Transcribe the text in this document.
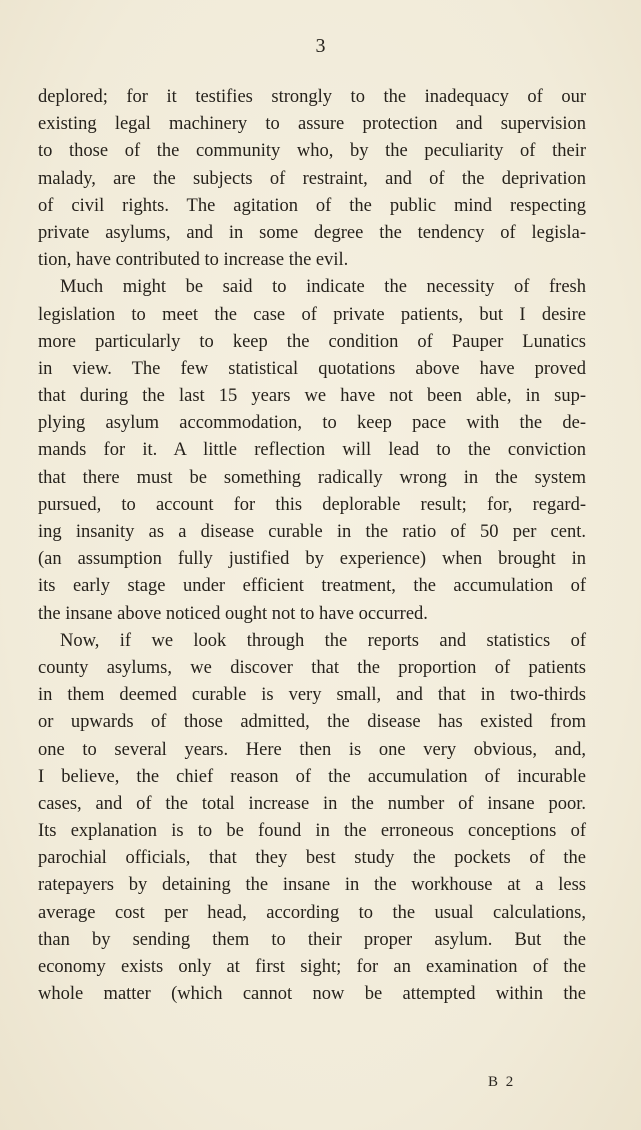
3
deplored; for it testifies strongly to the inadequacy of our
existing legal machinery to assure protection and supervision
to those of the community who, by the peculiarity of their
malady, are the subjects of restraint, and of the deprivation
of civil rights. The agitation of the public mind respecting
private asylums, and in some degree the tendency of legisla-
tion, have contributed to increase the evil.
Much might be said to indicate the necessity of fresh
legislation to meet the case of private patients, but I desire
more particularly to keep the condition of Pauper Lunatics
in view. The few statistical quotations above have proved
that during the last 15 years we have not been able, in sup-
plying asylum accommodation, to keep pace with the de-
mands for it. A little reflection will lead to the conviction
that there must be something radically wrong in the system
pursued, to account for this deplorable result; for, regard-
ing insanity as a disease curable in the ratio of 50 per cent.
(an assumption fully justified by experience) when brought in
its early stage under efficient treatment, the accumulation of
the insane above noticed ought not to have occurred.
Now, if we look through the reports and statistics of
county asylums, we discover that the proportion of patients
in them deemed curable is very small, and that in two-thirds
or upwards of those admitted, the disease has existed from
one to several years. Here then is one very obvious, and,
I believe, the chief reason of the accumulation of incurable
cases, and of the total increase in the number of insane poor.
Its explanation is to be found in the erroneous conceptions of
parochial officials, that they best study the pockets of the
ratepayers by detaining the insane in the workhouse at a less
average cost per head, according to the usual calculations,
than by sending them to their proper asylum. But the
economy exists only at first sight; for an examination of the
whole matter (which cannot now be attempted within the
B 2
